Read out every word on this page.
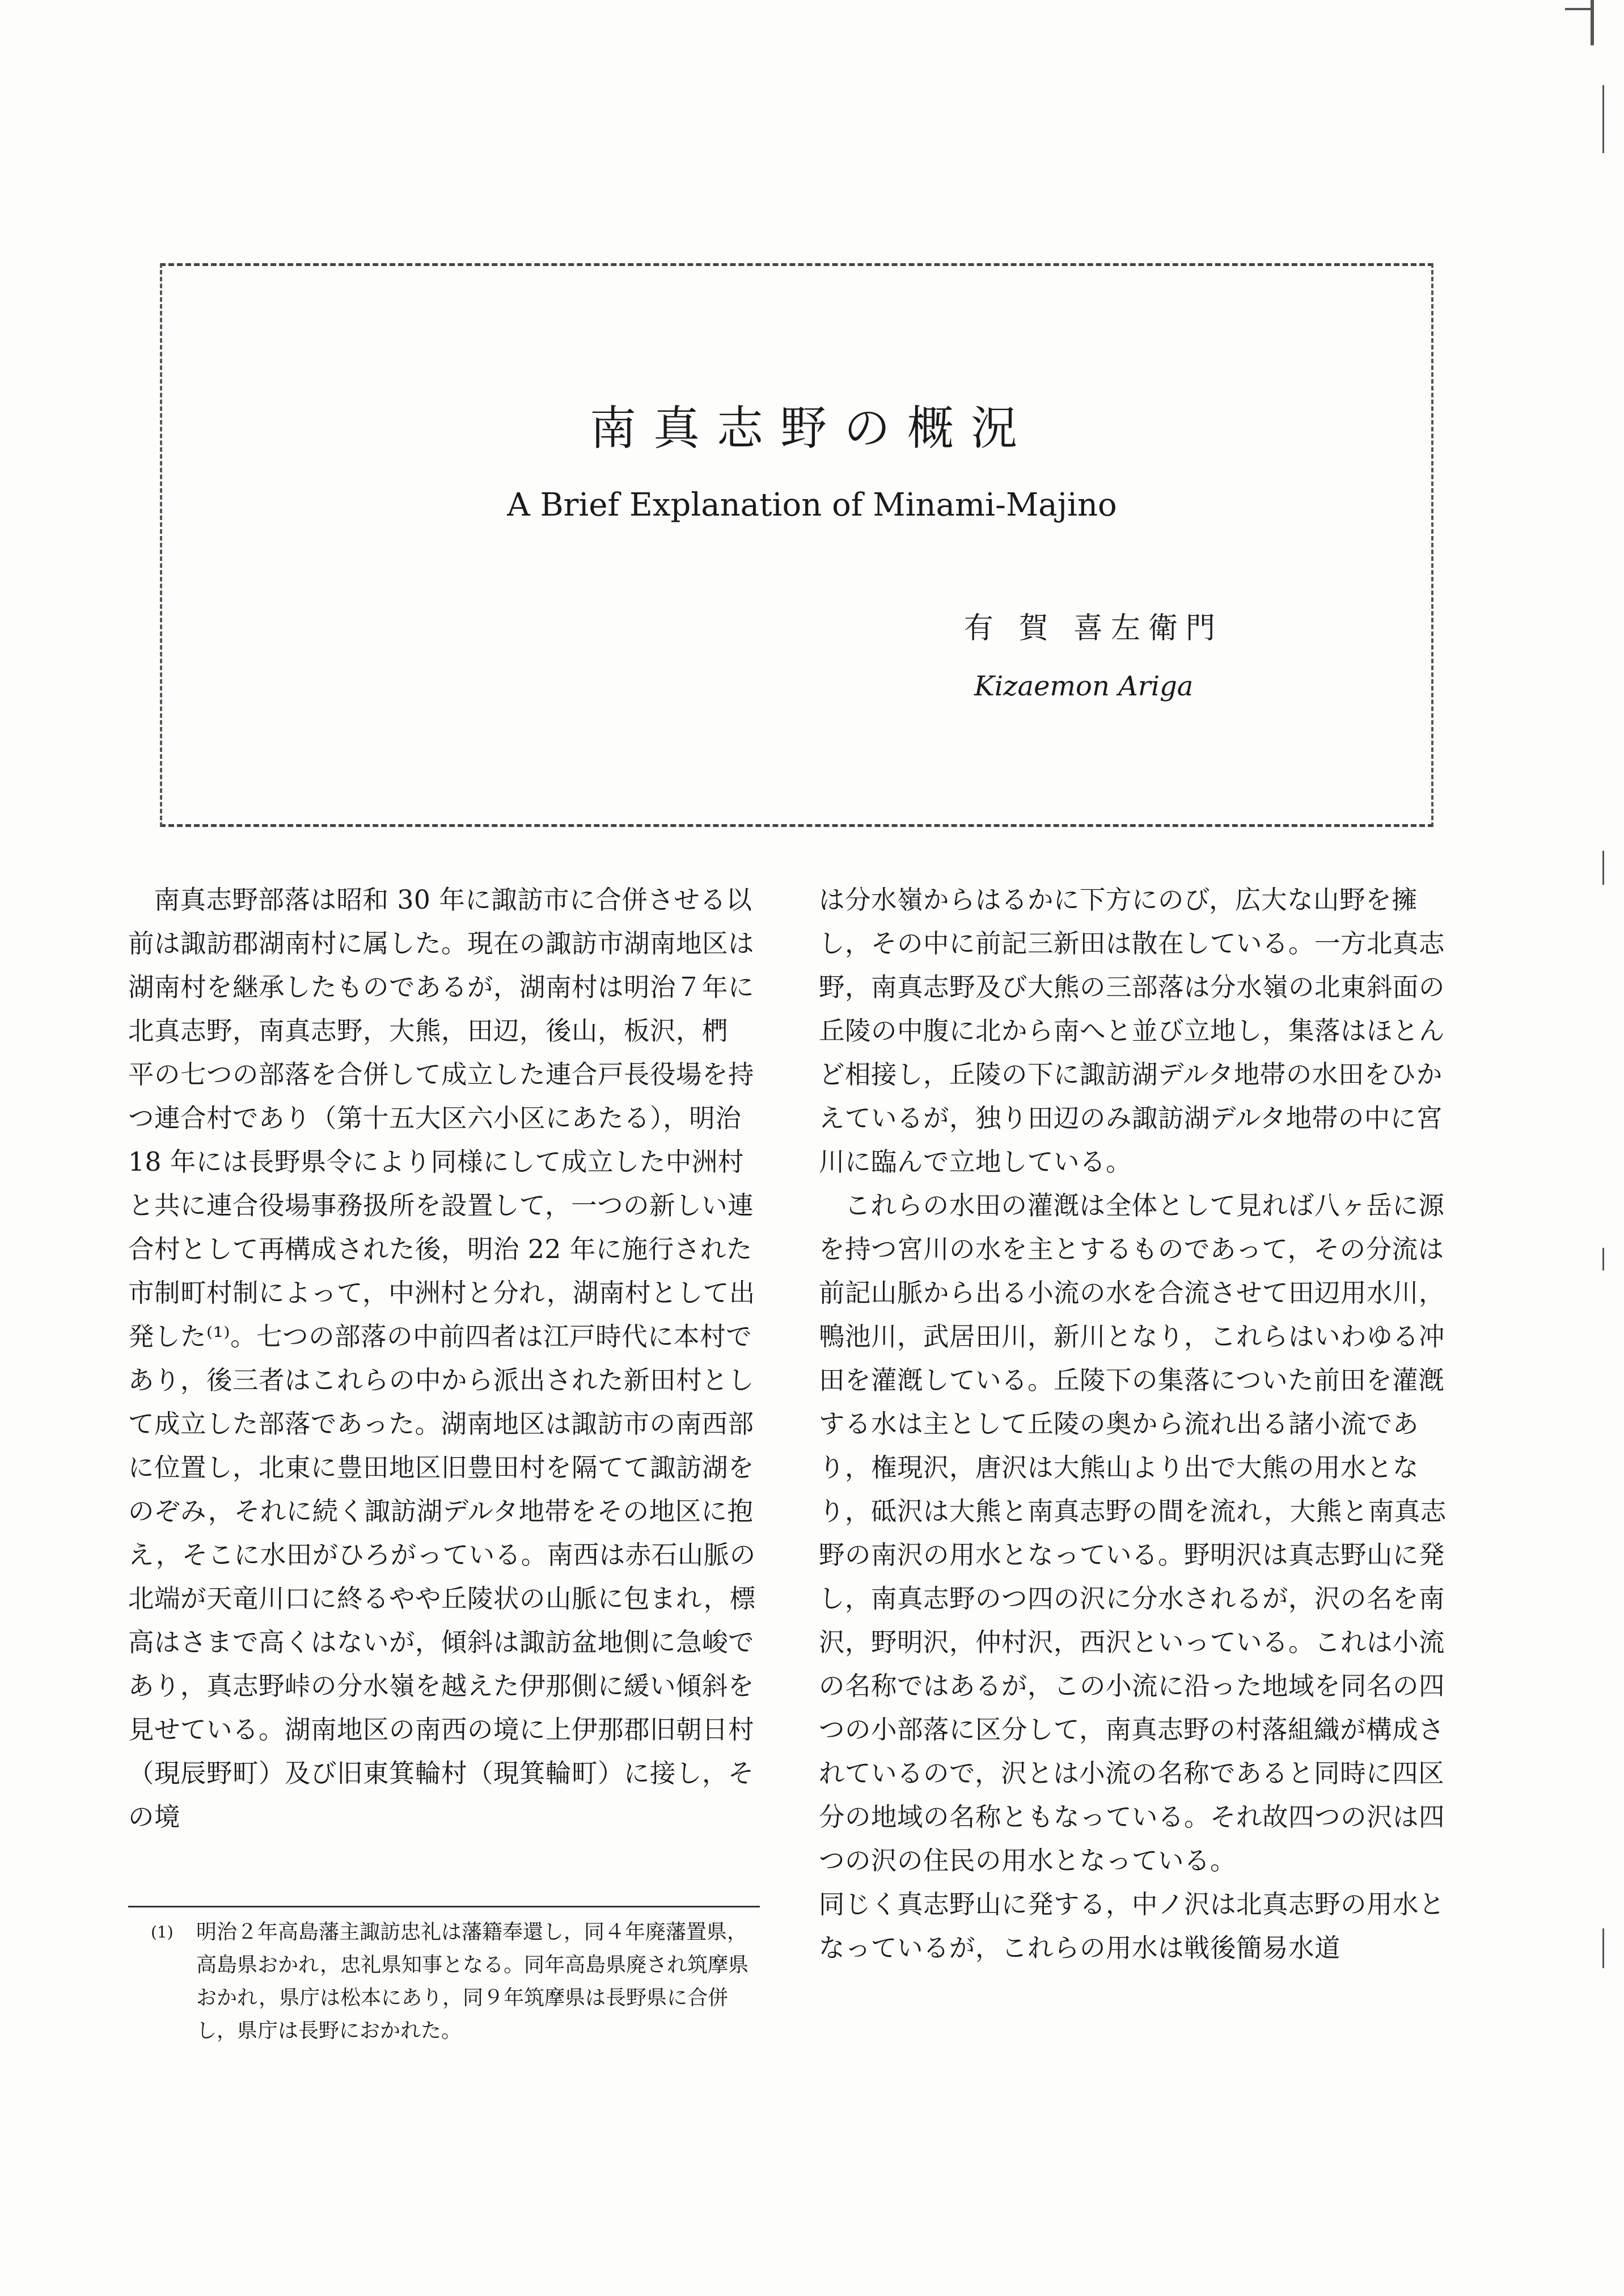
南真志野の概況
A Brief Explanation of Minami-Majino
有 賀 喜左衛門
Kizaemon Ariga

南真志野部落は昭和 30 年に諏訪市に合併させる以前は諏訪郡湖南村に属した。現在の諏訪市湖南地区は湖南村を継承したものであるが，湖南村は明治７年に北真志野，南真志野，大熊，田辺，後山，板沢，椚 平の七つの部落を合併して成立した連合戸長役場を持つ連合村であり（第十五大区六小区にあたる），明治 18 年には長野県令により同様にして成立した中洲村と共に連合役場事務扱所を設置して，一つの新しい連合村として再構成された後，明治 22 年に施行された市制町村制によって，中洲村と分れ，湖南村として出発した⁽¹⁾。七つの部落の中前四者は江戸時代に本村であり，後三者はこれらの中から派出された新田村として成立した部落であった。湖南地区は諏訪市の南西部に位置し，北東に豊田地区旧豊田村を隔てて諏訪湖をのぞみ，それに続く諏訪湖デルタ地帯をその地区に抱え，そこに水田がひろがっている。南西は赤石山脈の北端が天竜川口に終るやや丘陵状の山脈に包まれ，標高はさまで高くはないが，傾斜は諏訪盆地側に急峻であり，真志野峠の分水嶺を越えた伊那側に緩い傾斜を見せている。湖南地区の南西の境に上伊那郡旧朝日村（現辰野町）及び旧東箕輪村（現箕輪町）に接し，その境

は分水嶺からはるかに下方にのび，広大な山野を擁し，その中に前記三新田は散在している。一方北真志野，南真志野及び大熊の三部落は分水嶺の北東斜面の丘陵の中腹に北から南へと並び立地し，集落はほとんど相接し，丘陵の下に諏訪湖デルタ地帯の水田をひかえているが，独り田辺のみ諏訪湖デルタ地帯の中に宮川に臨んで立地している。

これらの水田の灌漑は全体として見れば八ヶ岳に源を持つ宮川の水を主とするものであって，その分流は前記山脈から出る小流の水を合流させて田辺用水川，鴨池川，武居田川，新川となり，これらはいわゆる冲田を灌漑している。丘陵下の集落についた前田を灌漑する水は主として丘陵の奥から流れ出る諸小流であり，権現沢，唐沢は大熊山より出で大熊の用水となり，砥沢は大熊と南真志野の間を流れ，大熊と南真志野の南沢の用水となっている。野明沢は真志野山に発し，南真志野のつ四の沢に分水されるが，沢の名を南沢，野明沢，仲村沢，西沢といっている。これは小流の名称ではあるが，この小流に沿った地域を同名の四つの小部落に区分して，南真志野の村落組織が構成されているので，沢とは小流の名称であると同時に四区分の地域の名称ともなっている。それ故四つの沢は四つの沢の住民の用水となっている。

同じく真志野山に発する，中ノ沢は北真志野の用水となっているが，これらの用水は戦後簡易水道

(1) 明治２年高島藩主諏訪忠礼は藩籍奉還し，同４年廃藩置県，高島県おかれ，忠礼県知事となる。同年高島県廃され筑摩県おかれ，県庁は松本にあり，同９年筑摩県は長野県に合併し，県庁は長野におかれた。
